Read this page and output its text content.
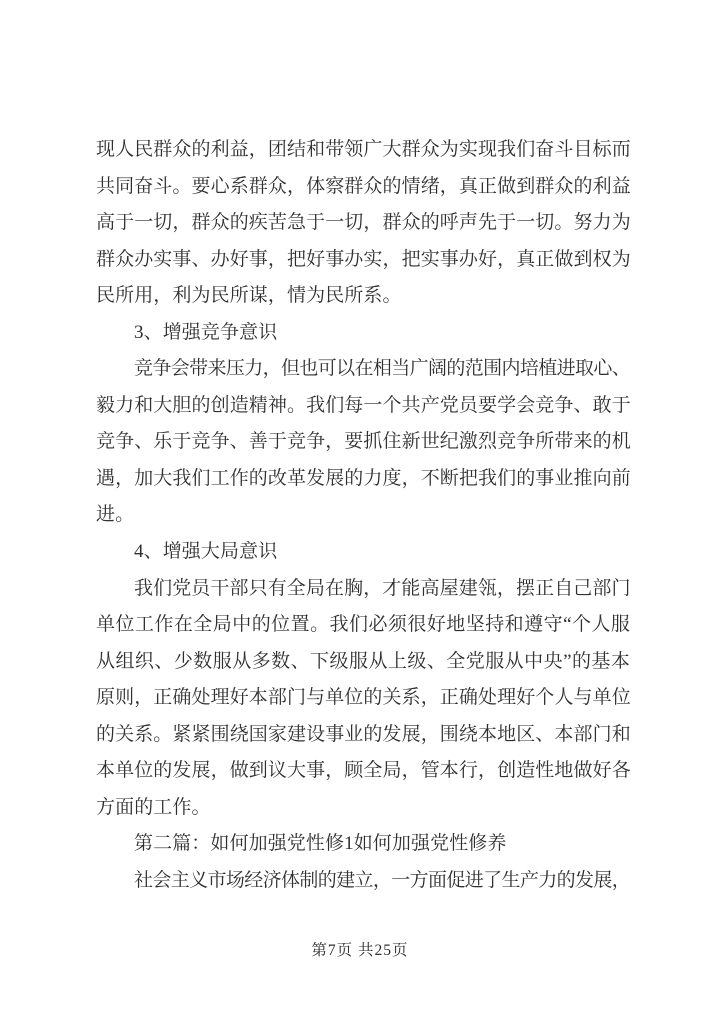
现人民群众的利益，团结和带领广大群众为实现我们奋斗目标而
共同奋斗。要心系群众，体察群众的情绪，真正做到群众的利益
高于一切，群众的疾苦急于一切，群众的呼声先于一切。努力为
群众办实事、办好事，把好事办实，把实事办好，真正做到权为
民所用，利为民所谋，情为民所系。
3、增强竞争意识
竞争会带来压力，但也可以在相当广阔的范围内培植进取心、
毅力和大胆的创造精神。我们每一个共产党员要学会竞争、敢于
竞争、乐于竞争、善于竞争，要抓住新世纪激烈竞争所带来的机
遇，加大我们工作的改革发展的力度，不断把我们的事业推向前
进。
4、增强大局意识
我们党员干部只有全局在胸，才能高屋建瓴，摆正自己部门
单位工作在全局中的位置。我们必须很好地坚持和遵守“个人服
从组织、少数服从多数、下级服从上级、全党服从中央”的基本
原则，正确处理好本部门与单位的关系，正确处理好个人与单位
的关系。紧紧围绕国家建设事业的发展，围绕本地区、本部门和
本单位的发展，做到议大事，顾全局，管本行，创造性地做好各
方面的工作。
第二篇：如何加强党性修1如何加强党性修养
社会主义市场经济体制的建立，一方面促进了生产力的发展，
第7页 共25页
